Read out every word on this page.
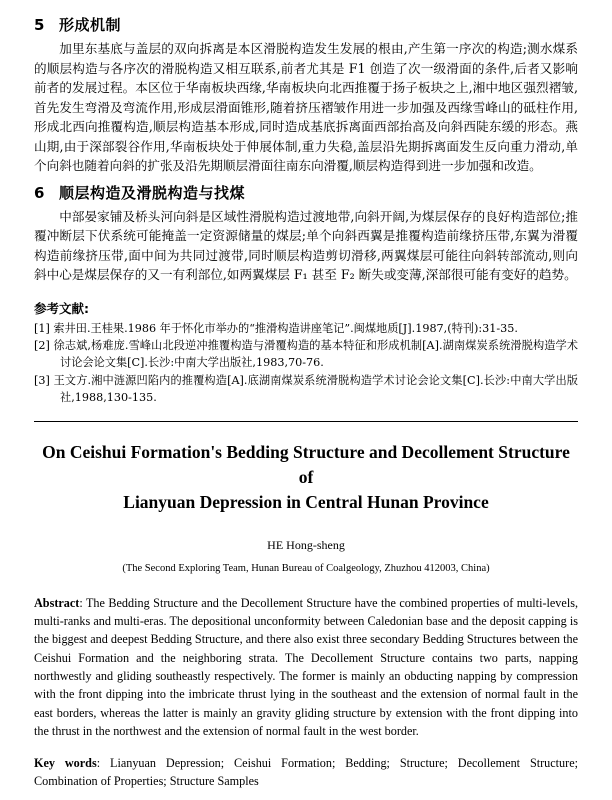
5 形成机制

加里东基底与盖层的双向拆离是本区滑脱构造发生发展的根由,产生第一序次的构造;测水煤系的顺层构造与各序次的滑脱构造又相互联系,前者尤其是 F1 创造了次一级滑面的条件,后者又影响前者的发展过程。本区位于华南板块西缘,华南板块向北西推覆于扬子板块之上,湘中地区强烈褶皱,首先发生弯滑及弯流作用,形成层滑面锥形,随着挤压褶皱作用进一步加强及西缘雪峰山的砥柱作用,形成北西向推覆构造,顺层构造基本形成,同时造成基底拆离面西部抬高及向斜西陡东缓的形态。燕山期,由于深部裂谷作用,华南板块处于伸展体制,重力失稳,盖层沿先期拆离面发生反向重力滑动,单个向斜也随着向斜的扩张及沿先期顺层滑面往南东向滑覆,顺层构造得到进一步加强和改造。

6 顺层构造及滑脱构造与找煤

中部晏家铺及桥头河向斜是区域性滑脱构造过渡地带,向斜开阔,为煤层保存的良好构造部位;推覆冲断层下伏系统可能掩盖一定资源储量的煤层;单个向斜西翼是推覆构造前缘挤压带,东翼为滑覆构造前缘挤压带,面中间为共同过渡带,同时顺层构造剪切滑移,两翼煤层可能往向斜转部流动,则向斜中心是煤层保存的又一有利部位,如两翼煤层 F₁ 甚至 F₂ 断失或变薄,深部很可能有变好的趋势。

参考文献:
[1] 索井田.王桂果.1986 年于怀化市举办的“推滑构造讲座笔记”.闽煤地质[J].1987,(特刊):31-35.
[2] 徐志斌,杨难庞.雪峰山北段逆冲推覆构造与滑覆构造的基本特征和形成机制[A].湖南煤炭系统滑脱构造学术讨论会论文集[C].长沙:中南大学出版社,1983,70-76.
[3] 王文方.湘中涟源凹陷内的推覆构造[A].底湖南煤炭系统滑脱构造学术讨论会论文集[C].长沙:中南大学出版社,1988,130-135.
On Ceishui Formation's Bedding Structure and Decollement Structure of
Lianyuan Depression in Central Hunan Province
HE Hong-sheng
(The Second Exploring Team, Hunan Bureau of Coalgeology, Zhuzhou 412003, China)
Abstract: The Bedding Structure and the Decollement Structure have the combined properties of multi-levels, multi-ranks and multi-eras. The depositional unconformity between Caledonian base and the deposit capping is the biggest and deepest Bedding Structure, and there also exist three secondary Bedding Structures between the Ceishui Formation and the neighboring strata. The Decollement Structure contains two parts, napping northwestly and gliding southeastly respectively. The former is mainly an obducting napping by compression with the front dipping into the imbricate thrust lying in the southeast and the extension of normal fault in the east borders, whereas the latter is mainly an gravity gliding structure by extension with the front dipping into the thrust in the northwest and the extension of normal fault in the west border.
Key words: Lianyuan Depression; Ceishui Formation; Bedding; Structure; Decollement Structure; Combination of Properties; Structure Samples
